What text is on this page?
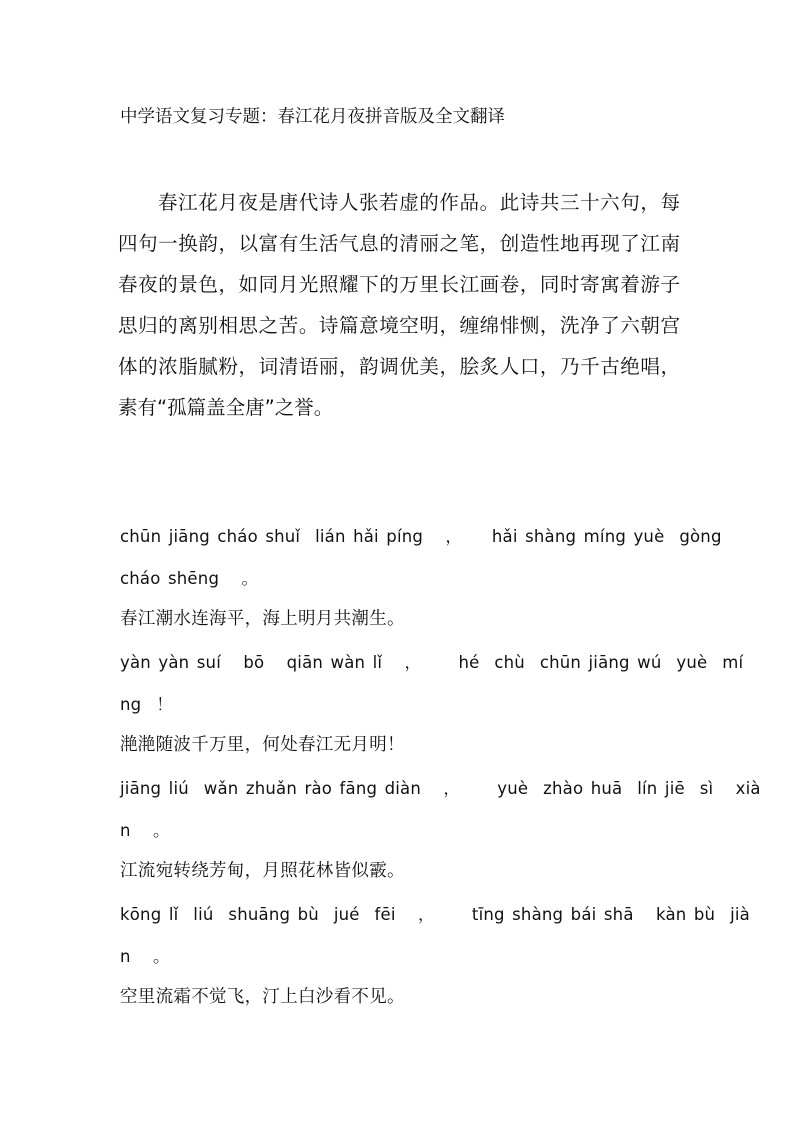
中学语文复习专题：春江花月夜拼音版及全文翻译

春江花月夜是唐代诗人张若虚的作品。此诗共三十六句，每四句一换韵，以富有生活气息的清丽之笔，创造性地再现了江南春夜的景色，如同月光照耀下的万里长江画卷，同时寄寓着游子思归的离别相思之苦。诗篇意境空明，缠绵悱恻，洗净了六朝宫体的浓脂腻粉，词清语丽，韵调优美，脍炙人口，乃千古绝唱，素有“孤篇盖全唐”之誉。

chūn jiāng cháo shuǐ  lián hǎi píng   ，    hǎi shàng míng yuè  gòng
cháo shēng   。
春江潮水连海平，海上明月共潮生。
yàn yàn suí   bō   qiān wàn lǐ   ，     hé  chù  chūn jiāng wú  yuè  mí
ng  ！
滟滟随波千万里，何处春江无月明！
jiāng liú  wǎn zhuǎn rào fāng diàn   ，     yuè  zhào huā  lín jiē  sì   xià
n   。
江流宛转绕芳甸，月照花林皆似霰。
kōng lǐ  liú  shuāng bù  jué  fēi   ，     tīng shàng bái shā   kàn bù  jià
n   。
空里流霜不觉飞，汀上白沙看不见。
